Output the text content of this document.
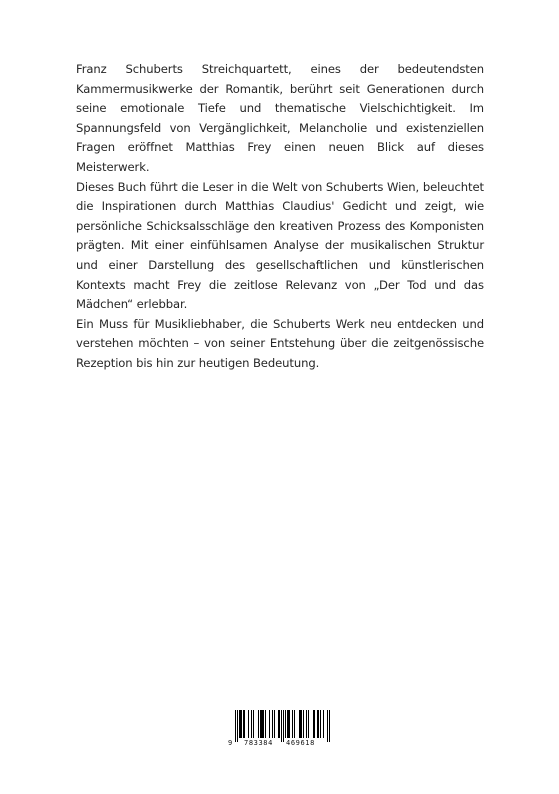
Franz Schuberts Streichquartett, eines der bedeutendsten Kammermusikwerke der Romantik, berührt seit Generationen durch seine emotionale Tiefe und thematische Vielschichtigkeit. Im Spannungsfeld von Vergänglichkeit, Melancholie und existenziellen Fragen eröffnet Matthias Frey einen neuen Blick auf dieses Meisterwerk.

Dieses Buch führt die Leser in die Welt von Schuberts Wien, beleuchtet die Inspirationen durch Matthias Claudius' Gedicht und zeigt, wie persönliche Schicksalsschläge den kreativen Prozess des Komponisten prägten. Mit einer einfühlsamen Analyse der musikalischen Struktur und einer Darstellung des gesellschaftlichen und künstlerischen Kontexts macht Frey die zeitlose Relevanz von „Der Tod und das Mädchen“ erlebbar.

Ein Muss für Musikliebhaber, die Schuberts Werk neu entdecken und verstehen möchten – von seiner Entstehung über die zeitgenössische Rezeption bis hin zur heutigen Bedeutung.

9 783384 469618
